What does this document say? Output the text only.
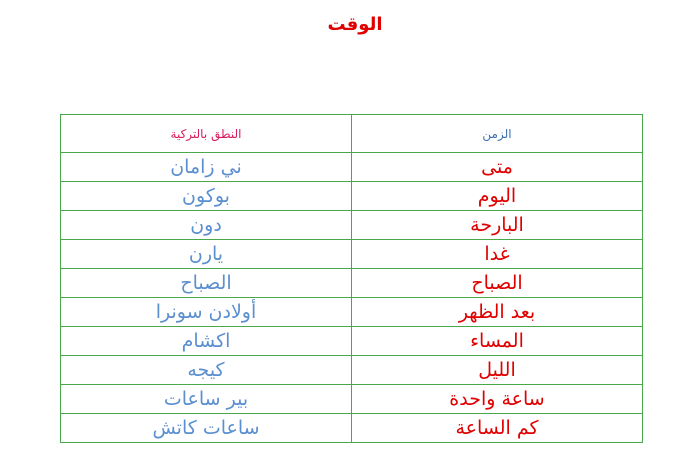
الوقت
النطق بالتركية	الزمن
ني زامان	متى
بوكون	اليوم
دون	البارحة
يارن	غدا
الصباح	الصباح
أولادن سونرا	بعد الظهر
اكشام	المساء
كيجه	الليل
بير ساعات	ساعة واحدة
ساعات كاتش	كم الساعة
